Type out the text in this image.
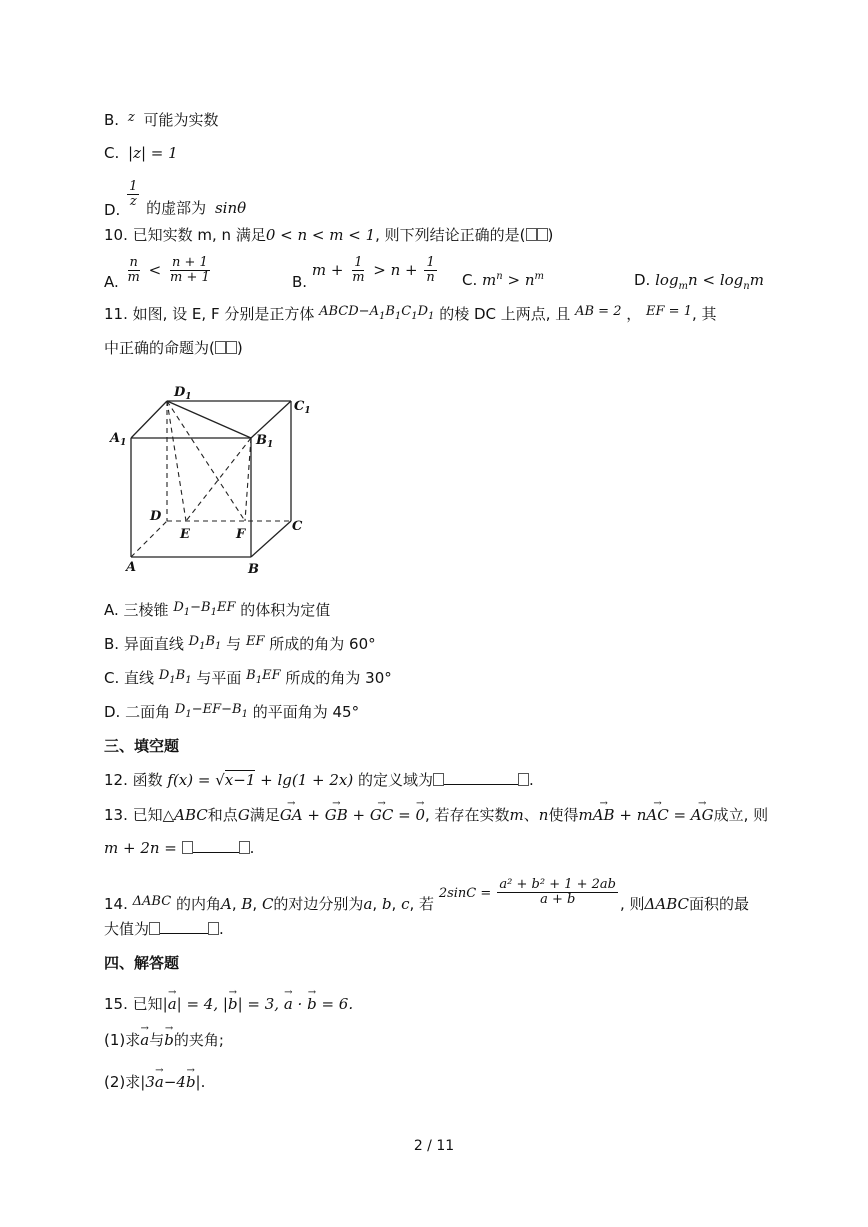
B. z 可能为实数
C. |z| = 1
D.
$\frac{1}{z}$ 的虚部为 sinθ
10. 已知实数 m, n 满足0 < n < m < 1, 则下列结论正确的是( )
A. $\frac{n}{m} < \frac{n + 1}{m + 1}$	B. $m + \frac{1}{m} > n + \frac{1}{n} C$. $m^n > n^m$	D. $\log_mn < \log_nm$
11. 如图, 设 E, F 分别是正方体 $ABCD-A_1B_1C_1D_1$ 的棱 DC 上两点, 且 AB = 2 ， EF = 1, 其
中正确的命题为( )
$D_1$
$C_1$
$A_1$	$B_1$
D
E	F
C
A	B
A. 三棱锥 $D_1-B_1EF$ 的体积为定值
B. 异面直线 $D_1B_1$ 与 EF 所成的角为 60°
C. 直线 $D_1B_1$ 与平面 $B_1EF$ 所成的角为 30°
D. 二面角 $D_1-EF-B_1$ 的平面角为 45°
三、填空题
12. 函数 f(x) = √x−1 + lg(1 + 2x) 的定义域为	.
13. 已知△ABC和点G满足→ GA + → GB + → GC = → 0, 若存在实数m、n使得m→ AB + n→ AC = → AG成立, 则
m + 2n =	.
14. ΔABC 的内角A, B, C的对边分别为a, b, c, 若 $2\sin C = \frac{\text{a² + b² + 1 + 2ab}}{a + b}$ , 则ΔABC面积的最
大值为	.
四、解答题
15. 已知|→ a| = 4, |→ b| = 3, → a · → b = 6.
(1)求→ a与→ b的夹角;
(2)求|3→ a−4→ b|.
2 / 11
